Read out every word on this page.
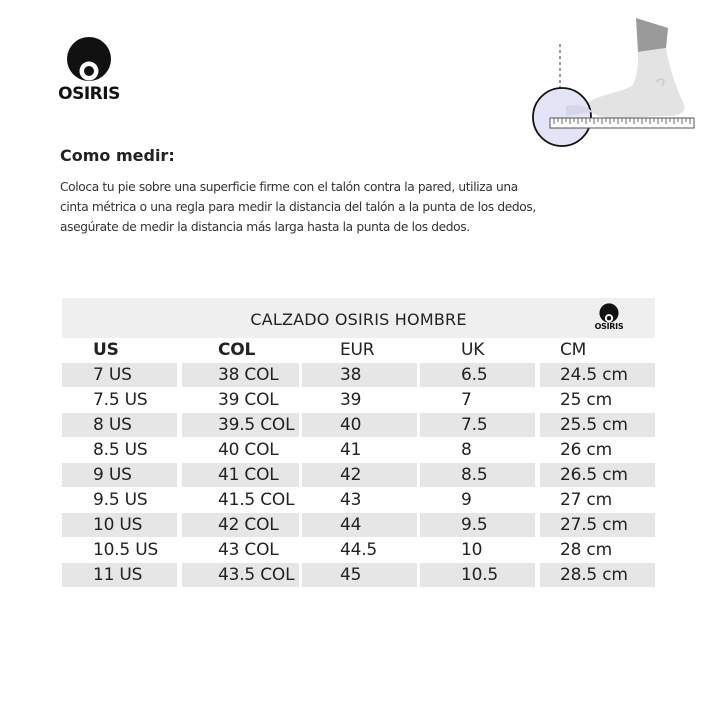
OSIRIS
Como medir:

Coloca tu pie sobre una superficie firme con el talón contra la pared, utiliza una cinta métrica o una regla para medir la distancia del talón a la punta de los dedos, asegúrate de medir la distancia más larga hasta la punta de los dedos.

CALZADO OSIRIS HOMBRE	OSIRIS
US	COL	EUR	UK	CM
7 US	38 COL	38	6.5	24.5 cm
7.5 US	39 COL	39	7	25 cm
8 US	39.5 COL	40	7.5	25.5 cm
8.5 US	40 COL	41	8	26 cm
9 US	41 COL	42	8.5	26.5 cm
9.5 US	41.5 COL	43	9	27 cm
10 US	42 COL	44	9.5	27.5 cm
10.5 US	43 COL	44.5	10	28 cm
11 US	43.5 COL	45	10.5	28.5 cm
